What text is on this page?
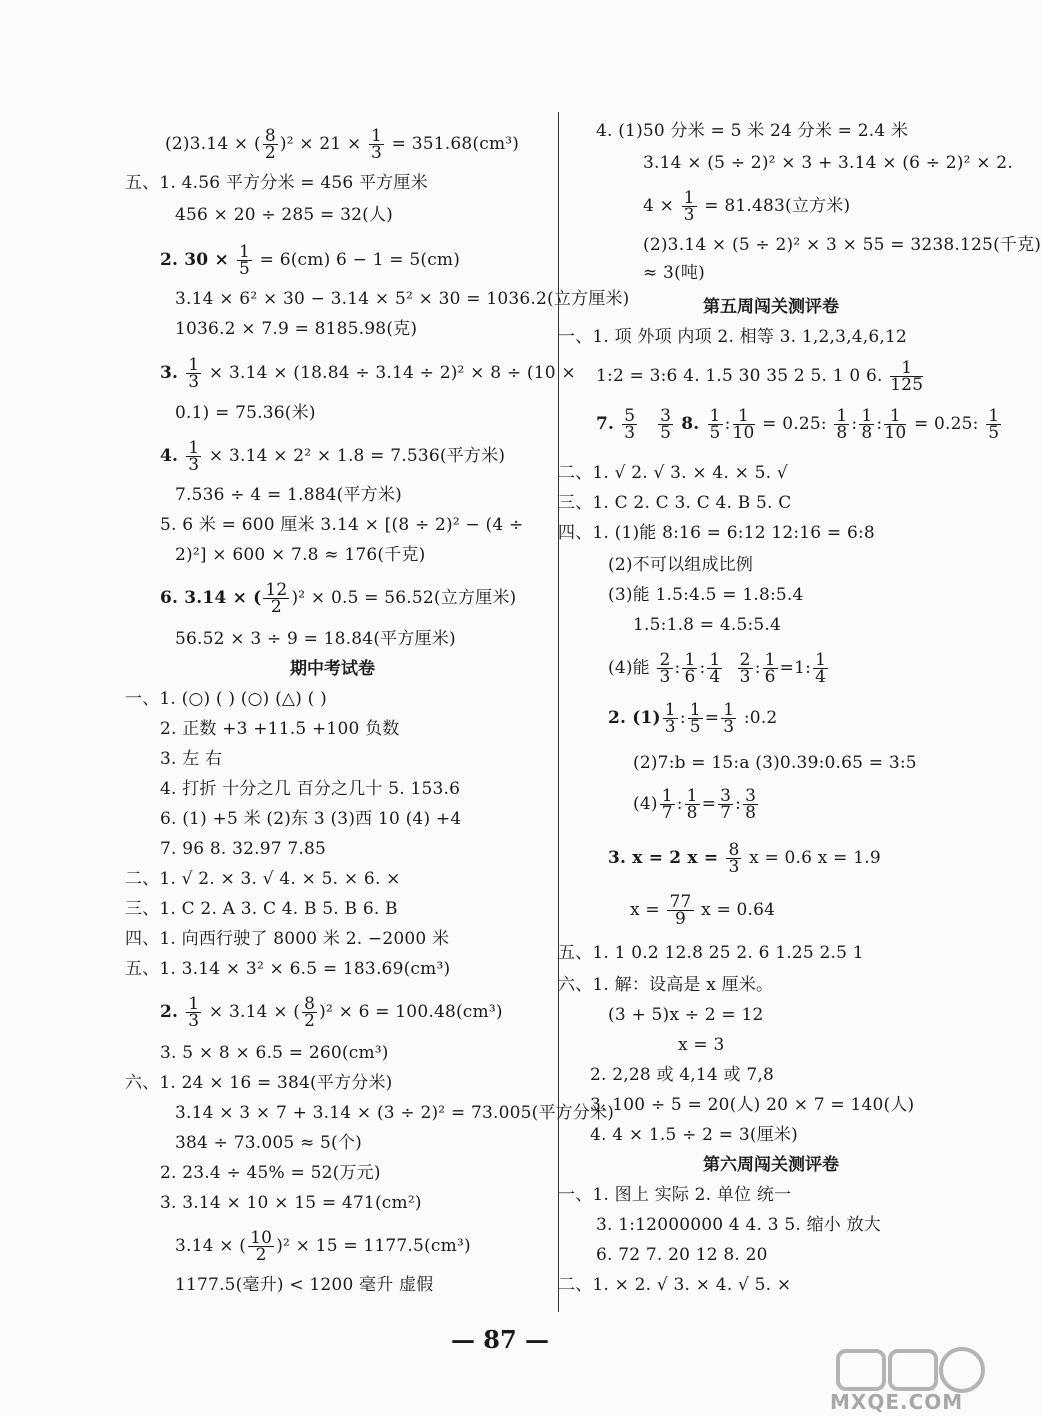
(2)3.14 × ( $\frac{8}{2} )^2 \times 21 \times \frac{1}{3} = 351.68(cm^3)$
五、1. 4.56 平方分米 = 456 平方厘米
456 × 20 ÷ 285 = 32(人)
2. $30 \times \frac{1}{5} = 6(cm) 6 - 1 = 5(cm)$
3.14 × 6² × 30 − 3.14 × 5² × 30 = 1036.2(立方厘米)
1036.2 × 7.9 = 8185.98(克)
3. $\frac{1}{3} \times 3.14 \times (18.84 \div 3.14 \div 2)^2 \times 8 \div (10$ ×
0.1) = 75.36(米)
4. $\frac{1}{3} \times 3.14 \times 2^2 \times 1.8 = 7.536$(平方米)
7.536 ÷ 4 = 1.884(平方米)
5. 6 米 = 600 厘米 3.14 × [(8 ÷ 2)² − (4 ÷
2)²] × 600 × 7.8 ≈ 176(千克)
6. 3.14 × ( $\frac{12}{2} )^2 \times 0.5 = 56.52$(立方厘米)
56.52 × 3 ÷ 9 = 18.84(平方厘米)
期中考试卷
一、1. (○) ( ) (○) (△) ( )
2. 正数 +3 +11.5 +100 负数
3. 左 右
4. 打折 十分之几 百分之几十 5. 153.6
6. (1) +5 米 (2)东 3 (3)西 10 (4) +4
7. 96 8. 32.97 7.85
二、1. √ 2. × 3. √ 4. × 5. × 6. ×
三、1. C 2. A 3. C 4. B 5. B 6. B
四、1. 向西行驶了 8000 米 2. −2000 米
五、1. 3.14 × 3² × 6.5 = 183.69(cm³)
2. $\frac{1}{3} \times 3.14$ × ( $\frac{8}{2} )^2 \times 6 = 100.48(cm^3)$
3. 5 × 8 × 6.5 = 260(cm³)
六、1. 24 × 16 = 384(平方分米)
3.14 × 3 × 7 + 3.14 × (3 ÷ 2)² = 73.005(平方分米)
384 ÷ 73.005 ≈ 5(个)
2. 23.4 ÷ 45% = 52(万元)
3. 3.14 × 10 × 15 = 471(cm²)
3.14 × ( $\frac{10}{2} )^2 \times 15 = 1177.5(cm^3)$
1177.5(毫升) < 1200 毫升 虚假
4. (1)50 分米 = 5 米 24 分米 = 2.4 米
3.14 × (5 ÷ 2)² × 3 + 3.14 × (6 ÷ 2)² × 2.
$4 \times \frac{1}{3} = 81.483$(立方米)
(2)3.14 × (5 ÷ 2)² × 3 × 55 = 3238.125(千克)
≈ 3(吨)
第五周闯关测评卷
一、1. 项 外项 内项 2. 相等 3. 1,2,3,4,6,12
1:2 = 3:6 4. 1.5 30 35 2 5. 1 0 6. $\frac{1}{125}$
7. $\frac{5}{3}$
$\frac{3}{5} 8$. $\frac{1}{5}$ : $\frac{1}{10} = 0.25$: $\frac{1}{8}$ : $\frac{1}{8}$ : $\frac{1}{10} = 0.25$: $\frac{1}{5}$
二、1. √ 2. √ 3. × 4. × 5. √
三、1. C 2. C 3. C 4. B 5. C
四、1. (1)能 8:16 = 6:12 12:16 = 6:8
(2)不可以组成比例
(3)能 1.5:4.5 = 1.8:5.4
1.5:1.8 = 4.5:5.4
(4)能 $\frac{2}{3}$ : $\frac{1}{6}$ : $\frac{1}{4}$
$\frac{2}{3}$ : $\frac{1}{6} =1$: $\frac{1}{4}$
2. $(1) \frac{1}{3}$ : $\frac{1}{5} = \frac{1}{3}$ :0.2
(2)7:b = 15:a (3)0.39:0.65 = 3:5
$(4) \frac{1}{7}$ : $\frac{1}{8} = \frac{3}{7}$ : $\frac{3}{8}$
3. x = 2 $x = \frac{8}{3}$ x = 0.6 x = 1.9
$x = \frac{77}{9}$ x = 0.64
五、1. 1 0.2 12.8 25 2. 6 1.25 2.5 1
六、1. 解：设高是 x 厘米。
(3 + 5)x ÷ 2 = 12
x = 3
2. 2,28 或 4,14 或 7,8
3. 100 ÷ 5 = 20(人) 20 × 7 = 140(人)
4. 4 × 1.5 ÷ 2 = 3(厘米)
第六周闯关测评卷
一、1. 图上 实际 2. 单位 统一
3. 1:12000000 4 4. 3 5. 缩小 放大
6. 72 7. 20 12 8. 20
二、1. × 2. √ 3. × 4. √ 5. ×
— 87 —
MXQE.COM
